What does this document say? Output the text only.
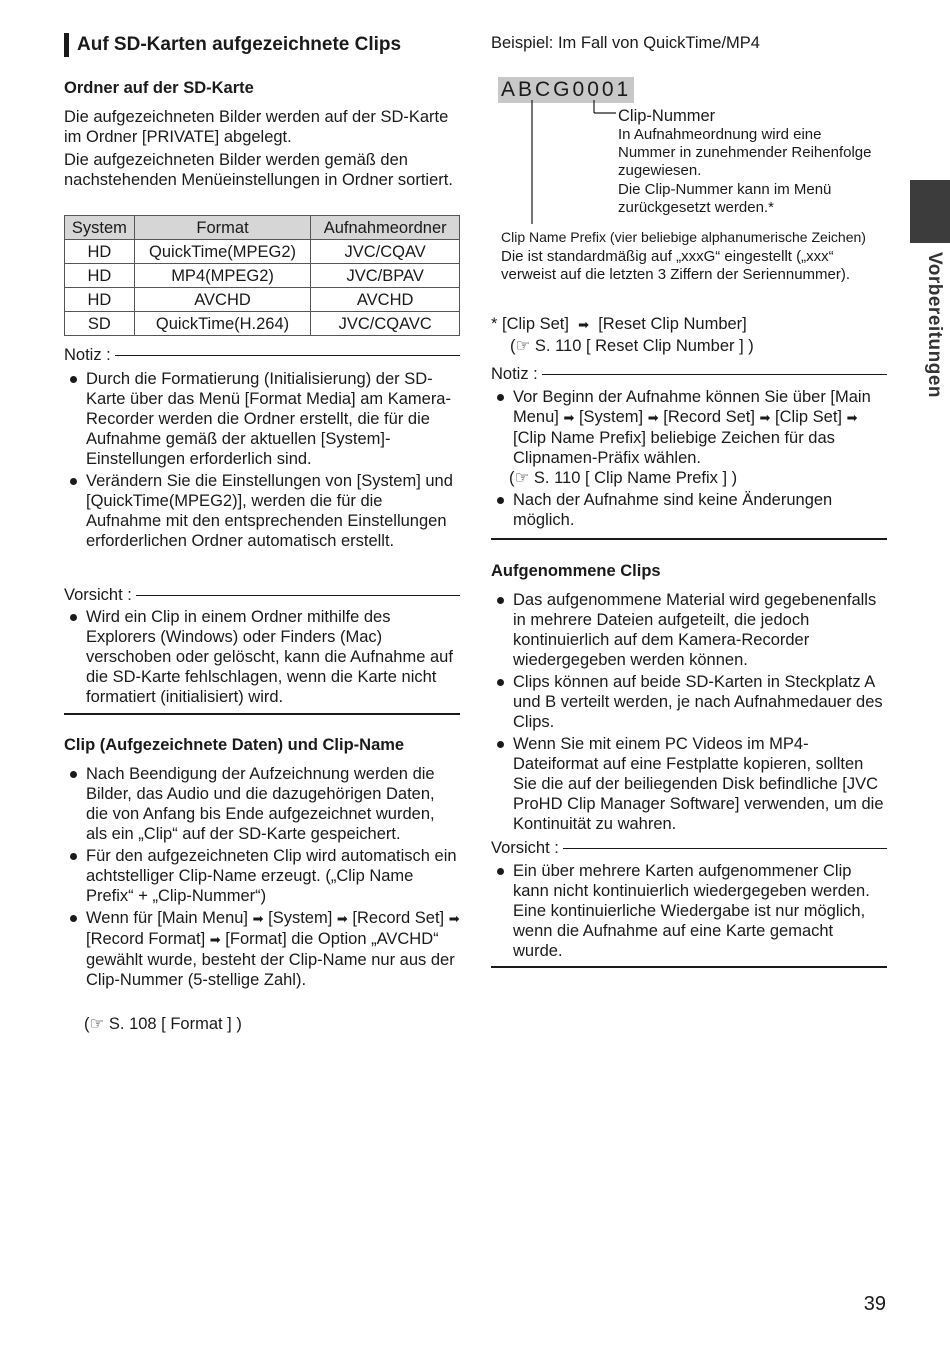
Auf SD-Karten aufgezeichnete Clips
Ordner auf der SD-Karte

Die aufgezeichneten Bilder werden auf der SD-Karte im Ordner [PRIVATE] abgelegt.

Die aufgezeichneten Bilder werden gemäß den nachstehenden Menüeinstellungen in Ordner sortiert.

System	Format	Aufnahmeordner
HD	QuickTime(MPEG2)	JVC/CQAV
HD	MP4(MPEG2)	JVC/BPAV
HD	AVCHD	AVCHD
SD	QuickTime(H.264)	JVC/CQAVC
Notiz :
Durch die Formatierung (Initialisierung) der SD-Karte über das Menü [Format Media] am Kamera-Recorder werden die Ordner erstellt, die für die Aufnahme gemäß der aktuellen [System]-Einstellungen erforderlich sind.
Verändern Sie die Einstellungen von [System] und [QuickTime(MPEG2)], werden die für die Aufnahme mit den entsprechenden Einstellungen erforderlichen Ordner automatisch erstellt.
Vorsicht :
Wird ein Clip in einem Ordner mithilfe des Explorers (Windows) oder Finders (Mac) verschoben oder gelöscht, kann die Aufnahme auf die SD-Karte fehlschlagen, wenn die Karte nicht formatiert (initialisiert) wird.
Clip (Aufgezeichnete Daten) und Clip-Name
Nach Beendigung der Aufzeichnung werden die Bilder, das Audio und die dazugehörigen Daten, die von Anfang bis Ende aufgezeichnet wurden, als ein „Clip“ auf der SD-Karte gespeichert.
Für den aufgezeichneten Clip wird automatisch ein achtstelliger Clip-Name erzeugt. („Clip Name Prefix“ + „Clip-Nummer“)
Wenn für [Main Menu] ➡ [System] ➡ [Record Set] ➡ [Record Format] ➡ [Format] die Option „AVCHD“ gewählt wurde, besteht der Clip-Name nur aus der Clip-Nummer (5-stellige Zahl).
(☞ S. 108 [ Format ] )
Beispiel: Im Fall von QuickTime/MP4
ABCG0001
Clip-Nummer

In Aufnahmeordnung wird eine Nummer in zunehmender Reihenfolge zugewiesen.

Die Clip-Nummer kann im Menü zurückgesetzt werden.*

Clip Name Prefix (vier beliebige alphanumerische Zeichen)

Die ist standardmäßig auf „xxxG“ eingestellt („xxx“ verweist auf die letzten 3 Ziffern der Seriennummer).

* [Clip Set] ➡ [Reset Clip Number]
(☞ S. 110 [ Reset Clip Number ] )
Notiz :
Vor Beginn der Aufnahme können Sie über [Main Menu] ➡ [System] ➡ [Record Set] ➡ [Clip Set] ➡ [Clip Name Prefix] beliebige Zeichen für das Clipnamen-Präfix wählen.
(☞ S. 110 [ Clip Name Prefix ] )
Nach der Aufnahme sind keine Änderungen möglich.
Aufgenommene Clips
Das aufgenommene Material wird gegebenenfalls in mehrere Dateien aufgeteilt, die jedoch kontinuierlich auf dem Kamera-Recorder wiedergegeben werden können.
Clips können auf beide SD-Karten in Steckplatz A und B verteilt werden, je nach Aufnahmedauer des Clips.
Wenn Sie mit einem PC Videos im MP4-Dateiformat auf eine Festplatte kopieren, sollten Sie die auf der beiliegenden Disk befindliche [JVC ProHD Clip Manager Software] verwenden, um die Kontinuität zu wahren.
Vorsicht :
Ein über mehrere Karten aufgenommener Clip kann nicht kontinuierlich wiedergegeben werden. Eine kontinuierliche Wiedergabe ist nur möglich, wenn die Aufnahme auf eine Karte gemacht wurde.
Vorbereitungen
39
